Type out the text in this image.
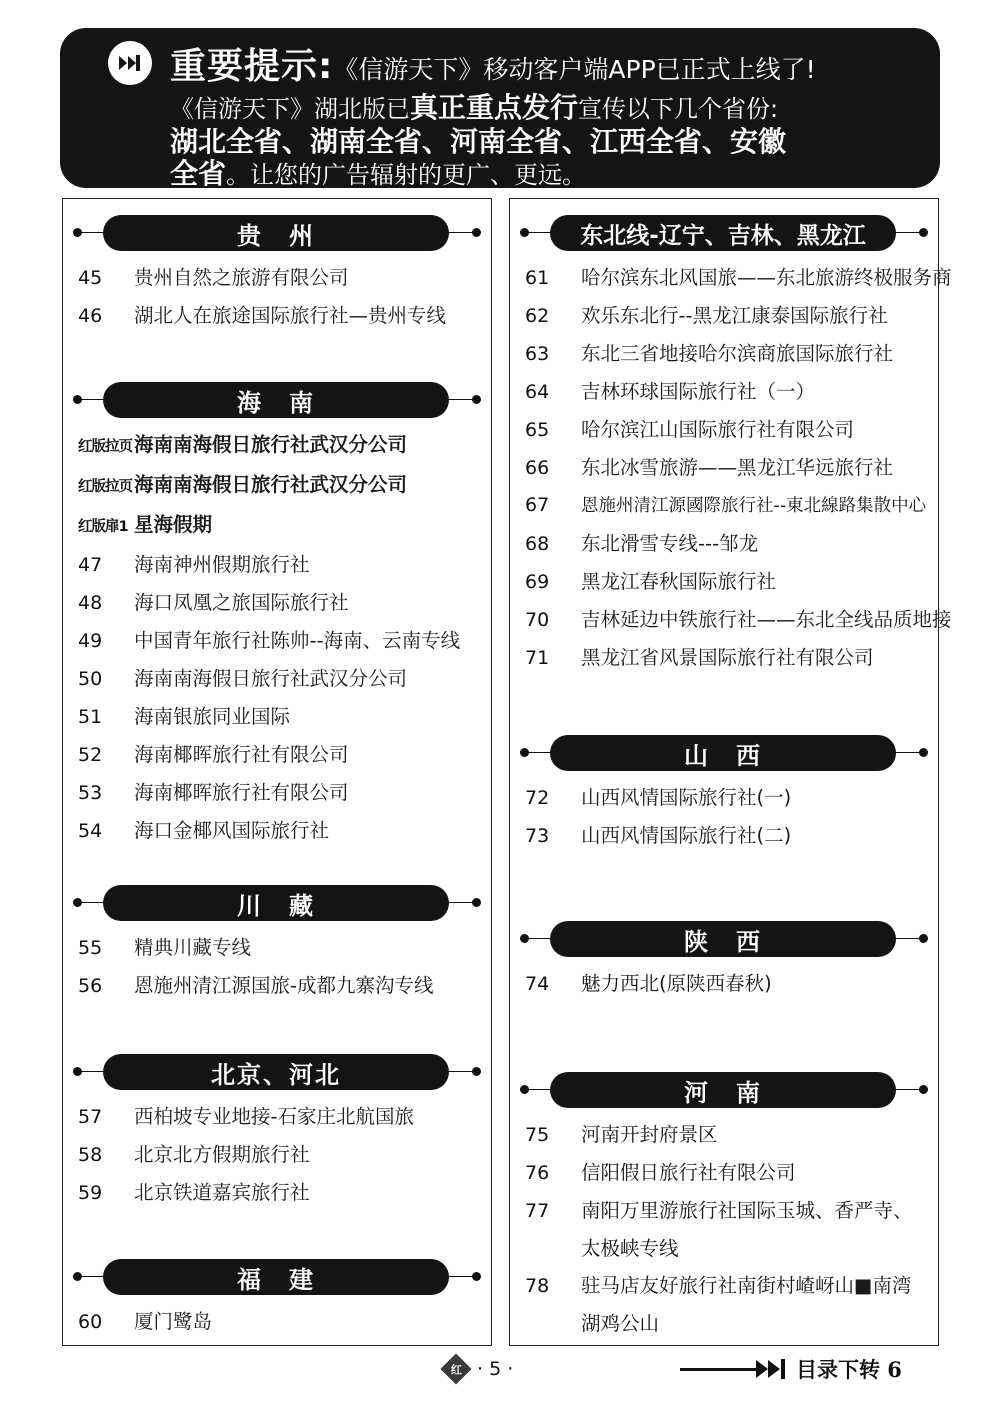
重要提示:《信游天下》移动客户端APP已正式上线了!
《信游天下》湖北版已真正重点发行宣传以下几个省份:
湖北全省、湖南全省、河南全省、江西全省、安徽
全省。让您的广告辐射的更广、更远。
贵　州
45	贵州自然之旅游有限公司
46	湖北人在旅途国际旅行社—贵州专线
海　南
红版拉页 海南南海假日旅行社武汉分公司
红版拉页 海南南海假日旅行社武汉分公司
红版扉1 星海假期
47	海南神州假期旅行社
48	海口凤凰之旅国际旅行社
49	中国青年旅行社陈帅--海南、云南专线
50	海南南海假日旅行社武汉分公司
51	海南银旅同业国际
52	海南椰晖旅行社有限公司
53	海南椰晖旅行社有限公司
54	海口金椰风国际旅行社
川　藏
55	精典川藏专线
56	恩施州清江源国旅-成都九寨沟专线
北京、河北
57	西柏坡专业地接-石家庄北航国旅
58	北京北方假期旅行社
59	北京铁道嘉宾旅行社
福　建
60	厦门鹭岛
东北线-辽宁、吉林、黑龙江
61	哈尔滨东北风国旅——东北旅游终极服务商
62	欢乐东北行--黑龙江康泰国际旅行社
63	东北三省地接哈尔滨商旅国际旅行社
64	吉林环球国际旅行社（一）
65	哈尔滨江山国际旅行社有限公司
66	东北冰雪旅游——黑龙江华远旅行社
67	恩施州清江源國際旅行社--東北線路集散中心
68	东北滑雪专线---邹龙
69	黑龙江春秋国际旅行社
70	吉林延边中铁旅行社——东北全线品质地接
71	黑龙江省风景国际旅行社有限公司
山　西
72	山西风情国际旅行社(一)
73	山西风情国际旅行社(二)
陕　西
74	魅力西北(原陕西春秋)
河　南
75	河南开封府景区
76	信阳假日旅行社有限公司
77	南阳万里游旅行社国际玉城、香严寺、
太极峡专线
78	驻马店友好旅行社南街村嵖岈山■南湾
湖鸡公山
红 · 5 ·	目录下转 6
